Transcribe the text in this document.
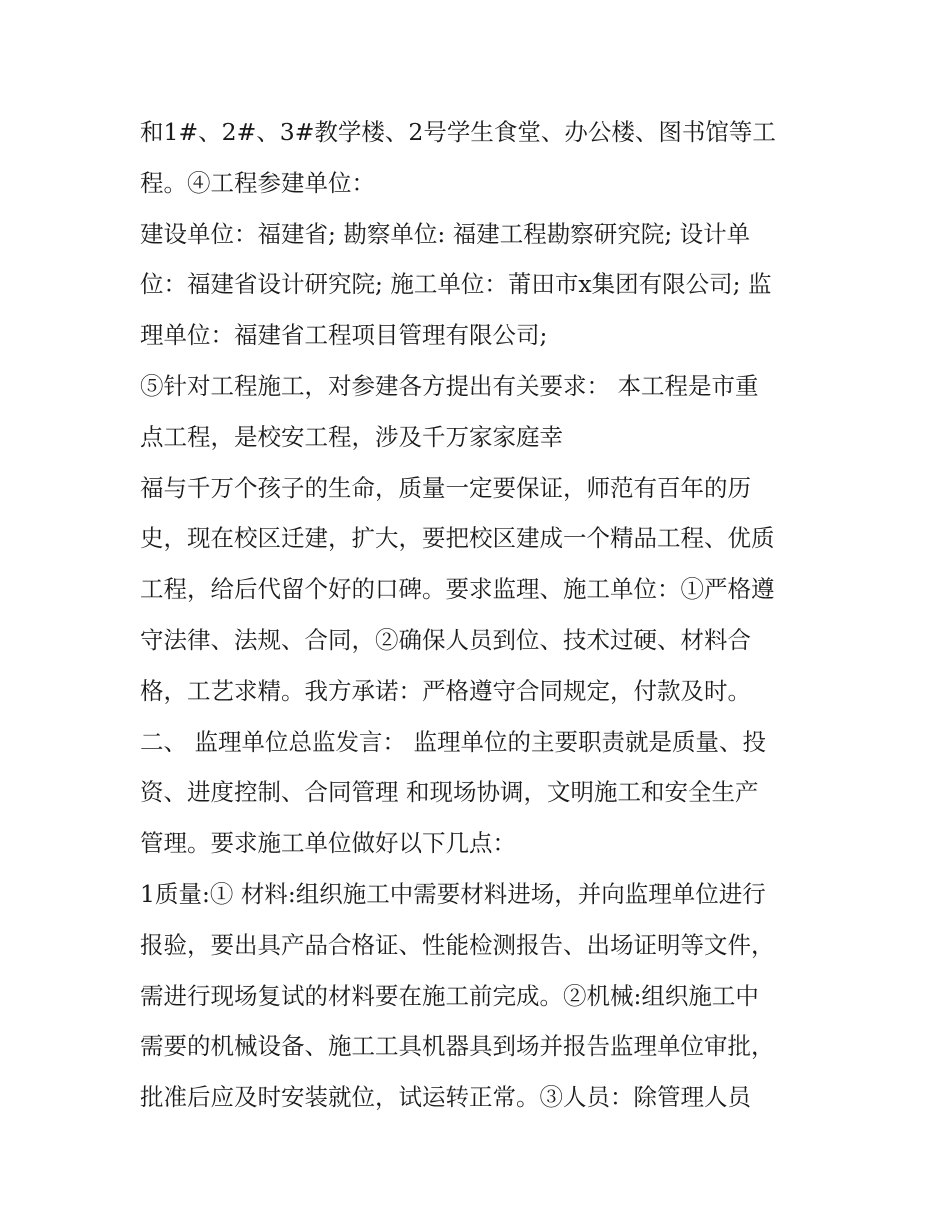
和1#、2#、3#教学楼、2号学生食堂、办公楼、图书馆等工
程。④工程参建单位：
建设单位：福建省; 勘察单位: 福建工程勘察研究院; 设计单
位：福建省设计研究院; 施工单位：莆田市x集团有限公司; 监
理单位：福建省工程项目管理有限公司;
⑤针对工程施工，对参建各方提出有关要求： 本工程是市重
点工程，是校安工程，涉及千万家家庭幸
福与千万个孩子的生命，质量一定要保证，师范有百年的历
史，现在校区迁建，扩大，要把校区建成一个精品工程、优质
工程，给后代留个好的口碑。要求监理、施工单位：①严格遵
守法律、法规、合同，②确保人员到位、技术过硬、材料合
格，工艺求精。我方承诺：严格遵守合同规定，付款及时。
二、 监理单位总监发言： 监理单位的主要职责就是质量、投
资、进度控制、合同管理 和现场协调，文明施工和安全生产
管理。要求施工单位做好以下几点：
1质量:① 材料:组织施工中需要材料进场，并向监理单位进行
报验，要出具产品合格证、性能检测报告、出场证明等文件，
需进行现场复试的材料要在施工前完成。②机械:组织施工中
需要的机械设备、施工工具机器具到场并报告监理单位审批，
批准后应及时安装就位，试运转正常。③人员：除管理人员
